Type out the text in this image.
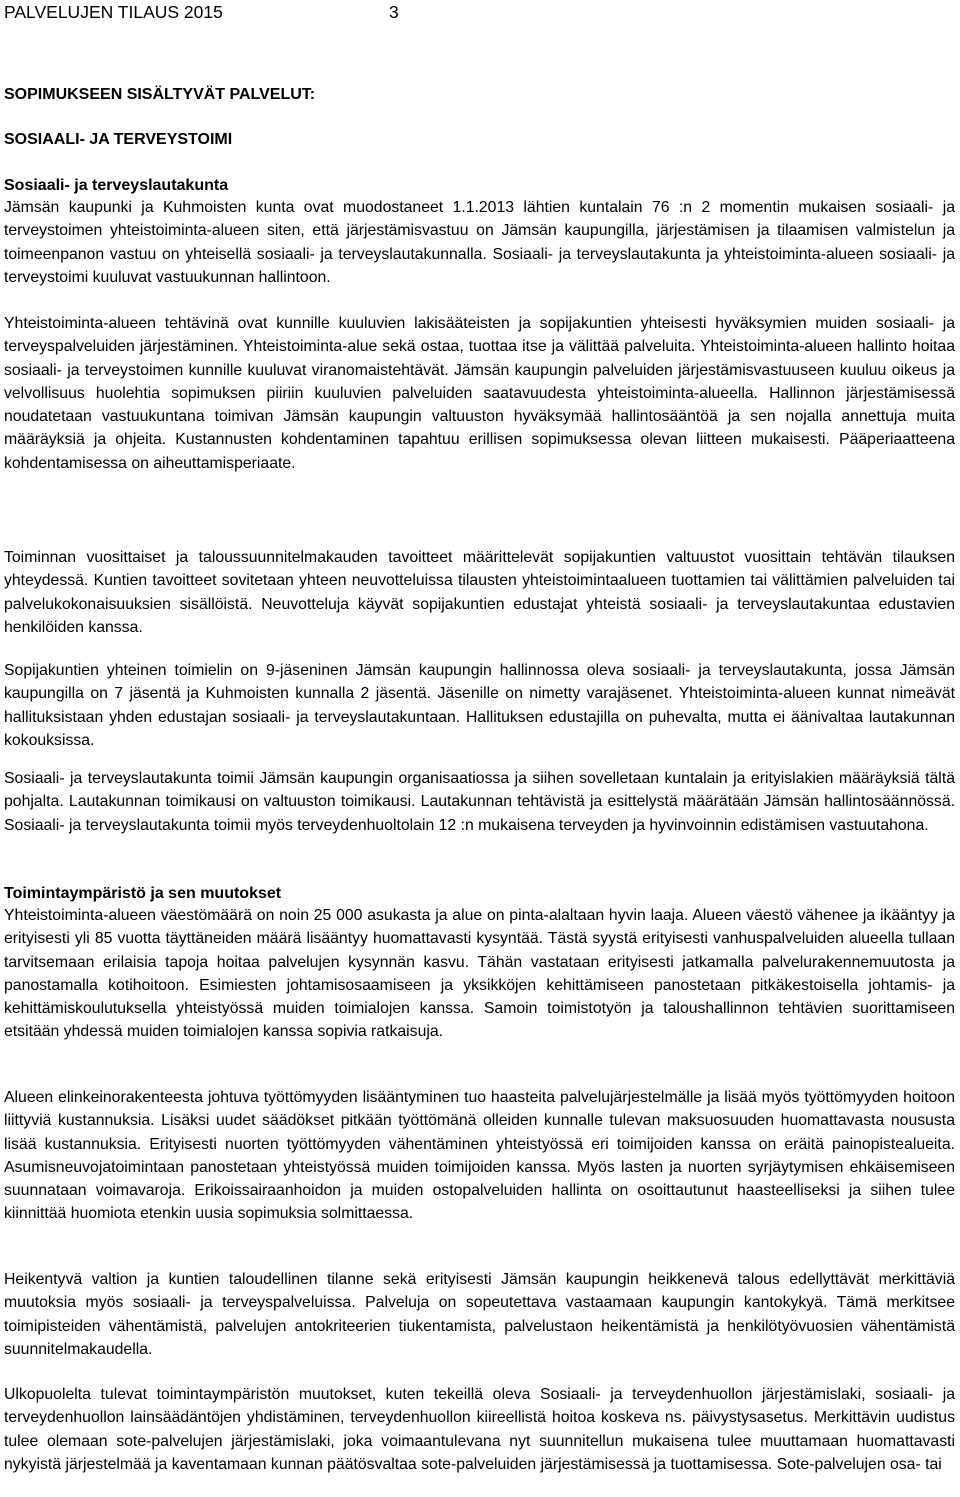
PALVELUJEN TILAUS 2015	3
SOPIMUKSEEN SISÄLTYVÄT PALVELUT:
SOSIAALI- JA TERVEYSTOIMI
Sosiaali- ja terveyslautakunta

Jämsän kaupunki ja Kuhmoisten kunta ovat muodostaneet 1.1.2013 lähtien kuntalain 76 :n 2 momentin mukaisen sosiaali- ja terveystoimen yhteistoiminta-alueen siten, että järjestämisvastuu on Jämsän kaupungilla, järjestämisen ja tilaamisen valmistelun ja toimeenpanon vastuu on yhteisellä sosiaali- ja terveyslautakunnalla. Sosiaali- ja terveyslautakunta ja yhteistoiminta-alueen sosiaali- ja terveystoimi kuuluvat vastuukunnan hallintoon.

Yhteistoiminta-alueen tehtävinä ovat kunnille kuuluvien lakisääteisten ja sopijakuntien yhteisesti hyväksymien muiden sosiaali- ja terveyspalveluiden järjestäminen. Yhteistoiminta-alue sekä ostaa, tuottaa itse ja välittää palveluita. Yhteistoiminta-alueen hallinto hoitaa sosiaali- ja terveystoimen kunnille kuuluvat viranomaistehtävät. Jämsän kaupungin palveluiden järjestämisvastuuseen kuuluu oikeus ja velvollisuus huolehtia sopimuksen piiriin kuuluvien palveluiden saatavuudesta yhteistoiminta-alueella. Hallinnon järjestämisessä noudatetaan vastuukuntana toimivan Jämsän kaupungin valtuuston hyväksymää hallintosääntöä ja sen nojalla annettuja muita määräyksiä ja ohjeita. Kustannusten kohdentaminen tapahtuu erillisen sopimuksessa olevan liitteen mukaisesti. Pääperiaatteena kohdentamisessa on aiheuttamisperiaate.

Toiminnan vuosittaiset ja taloussuunnitelmakauden tavoitteet määrittelevät sopijakuntien valtuustot vuosittain tehtävän tilauksen yhteydessä. Kuntien tavoitteet sovitetaan yhteen neuvotteluissa tilausten yhteistoimintaalueen tuottamien tai välittämien palveluiden tai palvelukokonaisuuksien sisällöistä. Neuvotteluja käyvät sopijakuntien edustajat yhteistä sosiaali- ja terveyslautakuntaa edustavien henkilöiden kanssa.

Sopijakuntien yhteinen toimielin on 9-jäseninen Jämsän kaupungin hallinnossa oleva sosiaali- ja terveyslautakunta, jossa Jämsän kaupungilla on 7 jäsentä ja Kuhmoisten kunnalla 2 jäsentä. Jäsenille on nimetty varajäsenet. Yhteistoiminta-alueen kunnat nimeävät hallituksistaan yhden edustajan sosiaali- ja terveyslautakuntaan. Hallituksen edustajilla on puhevalta, mutta ei äänivaltaa lautakunnan kokouksissa.

Sosiaali- ja terveyslautakunta toimii Jämsän kaupungin organisaatiossa ja siihen sovelletaan kuntalain ja erityislakien määräyksiä tältä pohjalta. Lautakunnan toimikausi on valtuuston toimikausi. Lautakunnan tehtävistä ja esittelystä määrätään Jämsän hallintosäännössä. Sosiaali- ja terveyslautakunta toimii myös terveydenhuoltolain 12 :n mukaisena terveyden ja hyvinvoinnin edistämisen vastuutahona.

Toimintaympäristö ja sen muutokset

Yhteistoiminta-alueen väestömäärä on noin 25 000 asukasta ja alue on pinta-alaltaan hyvin laaja. Alueen väestö vähenee ja ikääntyy ja erityisesti yli 85 vuotta täyttäneiden määrä lisääntyy huomattavasti kysyntää. Tästä syystä erityisesti vanhuspalveluiden alueella tullaan tarvitsemaan erilaisia tapoja hoitaa palvelujen kysynnän kasvu. Tähän vastataan erityisesti jatkamalla palvelurakennemuutosta ja panostamalla kotihoitoon. Esimiesten johtamisosaamiseen ja yksikköjen kehittämiseen panostetaan pitkäkestoisella johtamis- ja kehittämiskoulutuksella yhteistyössä muiden toimialojen kanssa. Samoin toimistotyön ja taloushallinnon tehtävien suorittamiseen etsitään yhdessä muiden toimialojen kanssa sopivia ratkaisuja.

Alueen elinkeinorakenteesta johtuva työttömyyden lisääntyminen tuo haasteita palvelujärjestelmälle ja lisää myös työttömyyden hoitoon liittyviä kustannuksia. Lisäksi uudet säädökset pitkään työttömänä olleiden kunnalle tulevan maksuosuuden huomattavasta noususta lisää kustannuksia. Erityisesti nuorten työttömyyden vähentäminen yhteistyössä eri toimijoiden kanssa on eräitä painopistealueita. Asumisneuvojatoimintaan panostetaan yhteistyössä muiden toimijoiden kanssa. Myös lasten ja nuorten syrjäytymisen ehkäisemiseen suunnataan voimavaroja. Erikoissairaanhoidon ja muiden ostopalveluiden hallinta on osoittautunut haasteelliseksi ja siihen tulee kiinnittää huomiota etenkin uusia sopimuksia solmittaessa.

Heikentyvä valtion ja kuntien taloudellinen tilanne sekä erityisesti Jämsän kaupungin heikkenevä talous edellyttävät merkittäviä muutoksia myös sosiaali- ja terveyspalveluissa. Palveluja on sopeutettava vastaamaan kaupungin kantokykyä. Tämä merkitsee toimipisteiden vähentämistä, palvelujen antokriteerien tiukentamista, palvelustaon heikentämistä ja henkilötyövuosien vähentämistä suunnitelmakaudella.

Ulkopuolelta tulevat toimintaympäristön muutokset, kuten tekeillä oleva Sosiaali- ja terveydenhuollon järjestämislaki, sosiaali- ja terveydenhuollon lainsäädäntöjen yhdistäminen, terveydenhuollon kiireellistä hoitoa koskeva ns. päivystysasetus. Merkittävin uudistus tulee olemaan sote-palvelujen järjestämislaki, joka voimaantulevana nyt suunnitellun mukaisena tulee muuttamaan huomattavasti nykyistä järjestelmää ja kaventamaan kunnan päätösvaltaa sote-palveluiden järjestämisessä ja tuottamisessa. Sote-palvelujen osa- tai
